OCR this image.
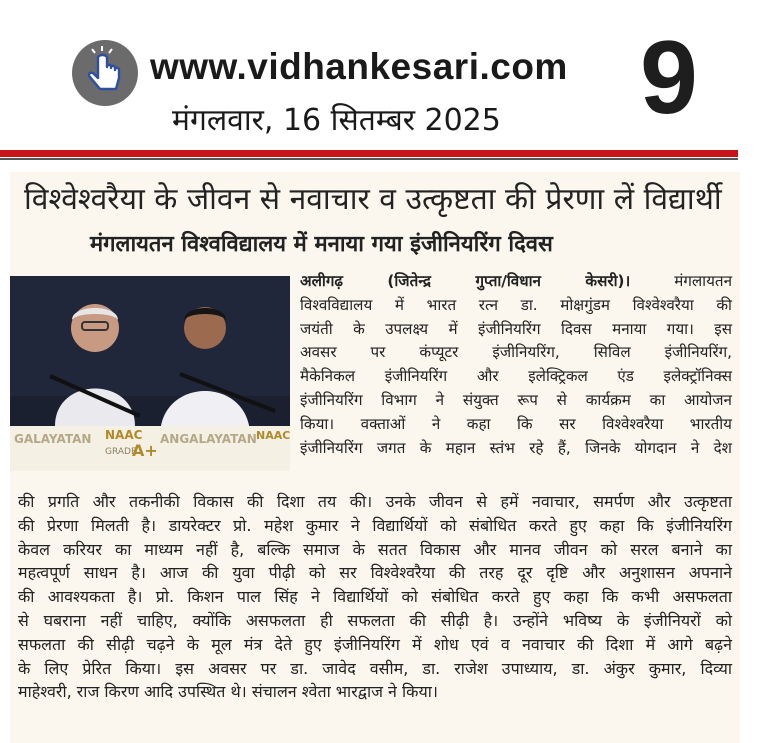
www.vidhankesari.com
मंगलवार, 16 सितम्बर 2025 9
विश्वेश्वरैया के जीवन से नवाचार व उत्कृष्टता की प्रेरणा लें विद्यार्थी
मंगलायतन विश्वविद्यालय में मनाया गया इंजीनियरिंग दिवस
GALAYATAN NAAC
GRADE
A+
ANGALAYATAN NAAC
अलीगढ़ (जितेन्द्र गुप्ता/विधान केसरी)।	मंगलायतन
विश्वविद्यालय में भारत रत्न डा. मोक्षगुंडम विश्वेश्वरैया की
जयंती के उपलक्ष्य में इंजीनियरिंग दिवस मनाया गया। इस
अवसर पर कंप्यूटर इंजीनियरिंग, सिविल इंजीनियरिंग,
मैकेनिकल इंजीनियरिंग और इलेक्ट्रिकल एंड इलेक्ट्रॉनिक्स
इंजीनियरिंग विभाग ने संयुक्त रूप से कार्यक्रम का आयोजन
किया। वक्ताओं ने कहा कि सर विश्वेश्वरैया भारतीय
इंजीनियरिंग जगत के महान स्तंभ रहे हैं, जिनके योगदान ने देश
की प्रगति और तकनीकी विकास की दिशा तय की। उनके जीवन से हमें नवाचार, समर्पण और उत्कृष्टता
की प्रेरणा मिलती है। डायरेक्टर प्रो. महेश कुमार ने विद्यार्थियों को संबोधित करते हुए कहा कि इंजीनियरिंग
केवल करियर का माध्यम नहीं है, बल्कि समाज के सतत विकास और मानव जीवन को सरल बनाने का
महत्वपूर्ण साधन है। आज की युवा पीढ़ी को सर विश्वेश्वरैया की तरह दूर दृष्टि और अनुशासन अपनाने
की आवश्यकता है। प्रो. किशन पाल सिंह ने विद्यार्थियों को संबोधित करते हुए कहा कि कभी असफलता
से घबराना नहीं चाहिए, क्योंकि असफलता ही सफलता की सीढ़ी है। उन्होंने भविष्य के इंजीनियरों को
सफलता की सीढ़ी चढ़ने के मूल मंत्र देते हुए इंजीनियरिंग में शोध एवं व नवाचार की दिशा में आगे बढ़ने
के लिए प्रेरित किया। इस अवसर पर डा. जावेद वसीम, डा. राजेश उपाध्याय, डा. अंकुर कुमार, दिव्या
माहेश्वरी, राज किरण आदि उपस्थित थे। संचालन श्वेता भारद्वाज ने किया।
